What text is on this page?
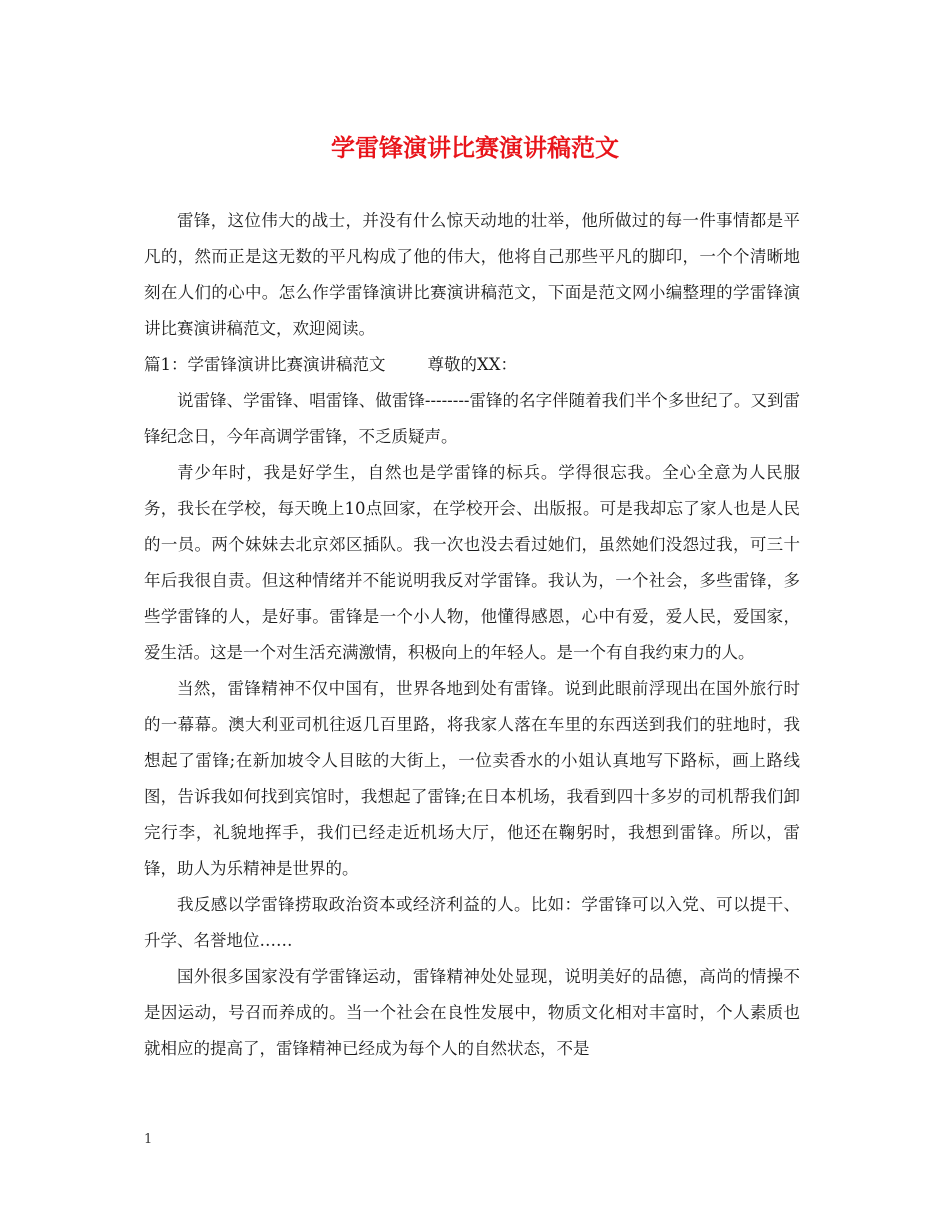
学雷锋演讲比赛演讲稿范文

雷锋，这位伟大的战士，并没有什么惊天动地的壮举，他所做过的每一件事情都是平凡的，然而正是这无数的平凡构成了他的伟大，他将自己那些平凡的脚印，一个个清晰地刻在人们的心中。怎么作学雷锋演讲比赛演讲稿范文，下面是范文网小编整理的学雷锋演讲比赛演讲稿范文，欢迎阅读。

篇1：学雷锋演讲比赛演讲稿范文	尊敬的XX：

说雷锋、学雷锋、唱雷锋、做雷锋--------雷锋的名字伴随着我们半个多世纪了。又到雷锋纪念日，今年高调学雷锋，不乏质疑声。

青少年时，我是好学生，自然也是学雷锋的标兵。学得很忘我。全心全意为人民服务，我长在学校，每天晚上10点回家，在学校开会、出版报。可是我却忘了家人也是人民的一员。两个妹妹去北京郊区插队。我一次也没去看过她们，虽然她们没怨过我，可三十年后我很自责。但这种情绪并不能说明我反对学雷锋。我认为，一个社会，多些雷锋，多些学雷锋的人，是好事。雷锋是一个小人物，他懂得感恩，心中有爱，爱人民，爱国家，爱生活。这是一个对生活充满激情，积极向上的年轻人。是一个有自我约束力的人。

当然，雷锋精神不仅中国有，世界各地到处有雷锋。说到此眼前浮现出在国外旅行时的一幕幕。澳大利亚司机往返几百里路，将我家人落在车里的东西送到我们的驻地时，我想起了雷锋;在新加坡令人目眩的大街上，一位卖香水的小姐认真地写下路标，画上路线图，告诉我如何找到宾馆时，我想起了雷锋;在日本机场，我看到四十多岁的司机帮我们卸完行李，礼貌地挥手，我们已经走近机场大厅，他还在鞠躬时，我想到雷锋。所以，雷锋，助人为乐精神是世界的。

我反感以学雷锋捞取政治资本或经济利益的人。比如：学雷锋可以入党、可以提干、升学、名誉地位……

国外很多国家没有学雷锋运动，雷锋精神处处显现，说明美好的品德，高尚的情操不是因运动，号召而养成的。当一个社会在良性发展中，物质文化相对丰富时，个人素质也就相应的提高了，雷锋精神已经成为每个人的自然状态，不是

1
